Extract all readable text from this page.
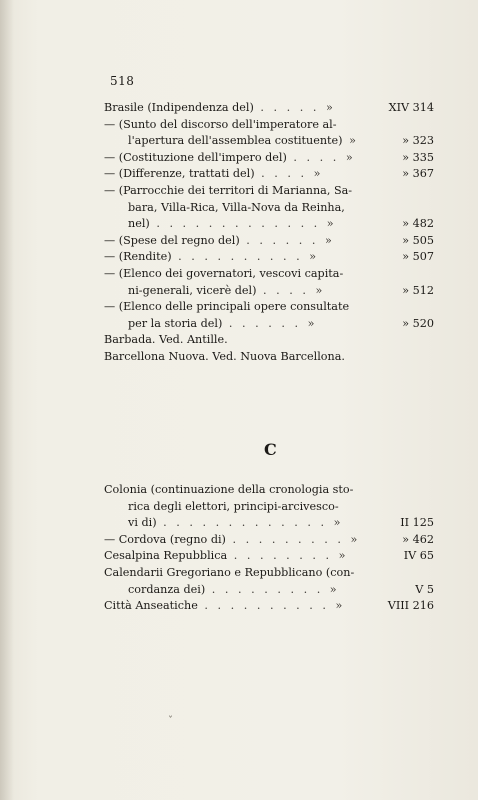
518
Brasile (Indipendenza del) . . . . . »	XIV 314
— (Sunto del discorso dell'imperatore al-
l'apertura dell'assemblea costituente) »	» 323
— (Costituzione dell'impero del) . . . . »	» 335
— (Differenze, trattati del) . . . . »	» 367
— (Parrocchie dei territori di Marianna, Sa-
bara, Villa-Rica, Villa-Nova da Reinha,
nel) . . . . . . . . . . . . . »	» 482
— (Spese del regno del) . . . . . . »	» 505
— (Rendite) . . . . . . . . . . »	» 507
— (Elenco dei governatori, vescovi capita-
ni-generali, vicerè del) . . . . »	» 512
— (Elenco delle principali opere consultate
per la storia del) . . . . . . »	» 520
Barbada. Ved. Antille.
Barcellona Nuova. Ved. Nuova Barcellona.
C
Colonia (continuazione della cronologia sto-
rica degli elettori, principi-arcivesco-
vi di) . . . . . . . . . . . . . »	II 125
— Cordova (regno di) . . . . . . . . . »	» 462
Cesalpina Repubblica . . . . . . . . »	IV 65
Calendarii Gregoriano e Repubblicano (con-
cordanza dei) . . . . . . . . . »	V 5
Città Anseatiche . . . . . . . . . . »	VIII 216
ˇ
